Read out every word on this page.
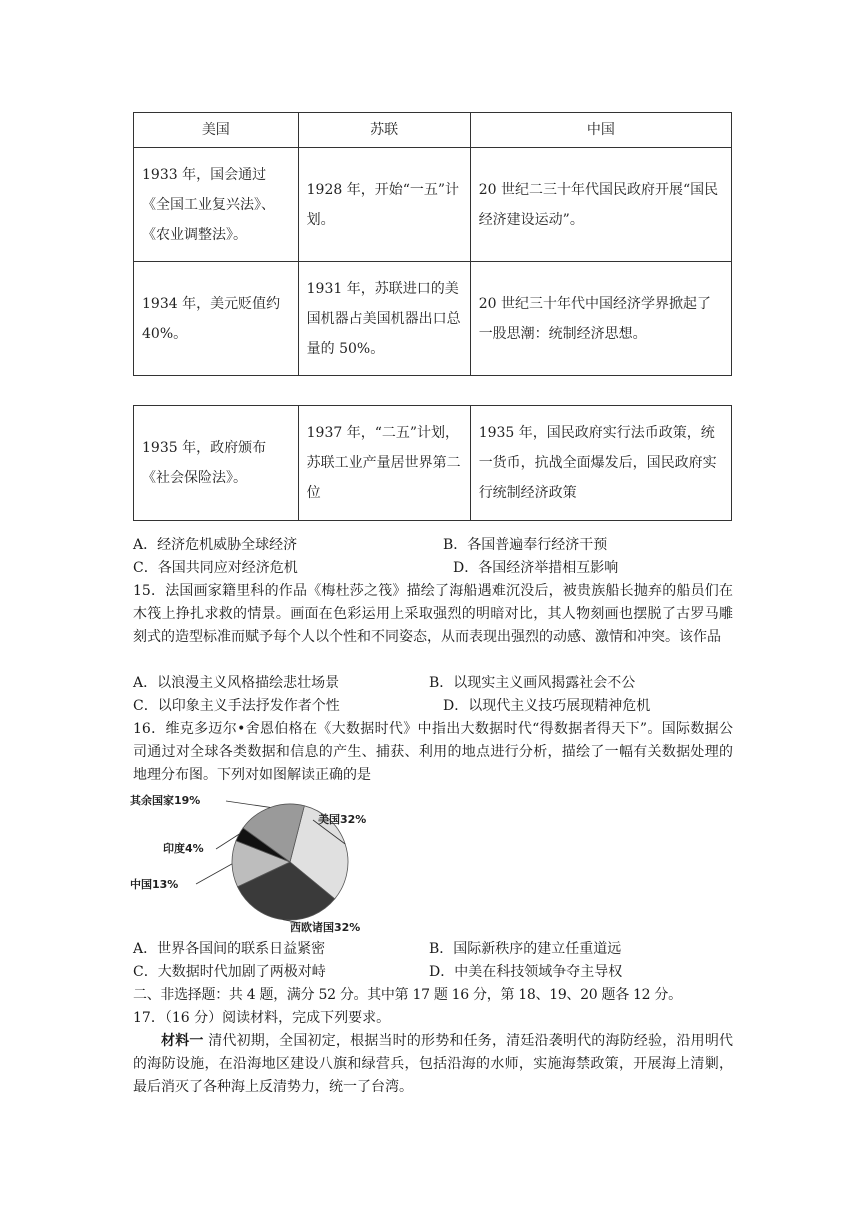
美国	苏联	中国
1933 年，国会通过《全国工业复兴法》、《农业调整法》。	1928 年，开始“一五”计划。	20 世纪二三十年代国民政府开展“国民经济建设运动”。
1934 年，美元贬值约 40%。	1931 年，苏联进口的美国机器占美国机器出口总量的 50%。	20 世纪三十年代中国经济学界掀起了一股思潮：统制经济思想。
1935 年，政府颁布《社会保险法》。	1937 年，“二五”计划，苏联工业产量居世界第二位	1935 年，国民政府实行法币政策，统一货币，抗战全面爆发后，国民政府实行统制经济政策
A．经济危机威胁全球经济	B．各国普遍奉行经济干预
C．各国共同应对经济危机	D．各国经济举措相互影响

15．法国画家籍里科的作品《梅杜莎之筏》描绘了海船遇难沉没后，被贵族船长抛弃的船员们在木筏上挣扎求救的情景。画面在色彩运用上采取强烈的明暗对比，其人物刻画也摆脱了古罗马雕刻式的造型标准而赋予每个人以个性和不同姿态，从而表现出强烈的动感、激情和冲突。该作品

A．以浪漫主义风格描绘悲壮场景	B．以现实主义画风揭露社会不公
C．以印象主义手法抒发作者个性	D．以现代主义技巧展现精神危机

16．维克多迈尔•舍恩伯格在《大数据时代》中指出大数据时代“得数据者得天下”。国际数据公司通过对全球各类数据和信息的产生、捕获、利用的地点进行分析，描绘了一幅有关数据处理的地理分布图。下列对如图解读正确的是

美国32%
西欧诸国32%
中国13%
印度4%
其余国家19%
A．世界各国间的联系日益紧密	B．国际新秩序的建立任重道远
C．大数据时代加剧了两极对峙	D．中美在科技领域争夺主导权
二、非选择题：共 4 题，满分 52 分。其中第 17 题 16 分，第 18、19、20 题各 12 分。
17．（16 分）阅读材料，完成下列要求。

材料一 清代初期，全国初定，根据当时的形势和任务，清廷沿袭明代的海防经验，沿用明代的海防设施，在沿海地区建设八旗和绿营兵，包括沿海的水师，实施海禁政策，开展海上清剿，最后消灭了各种海上反清势力，统一了台湾。
